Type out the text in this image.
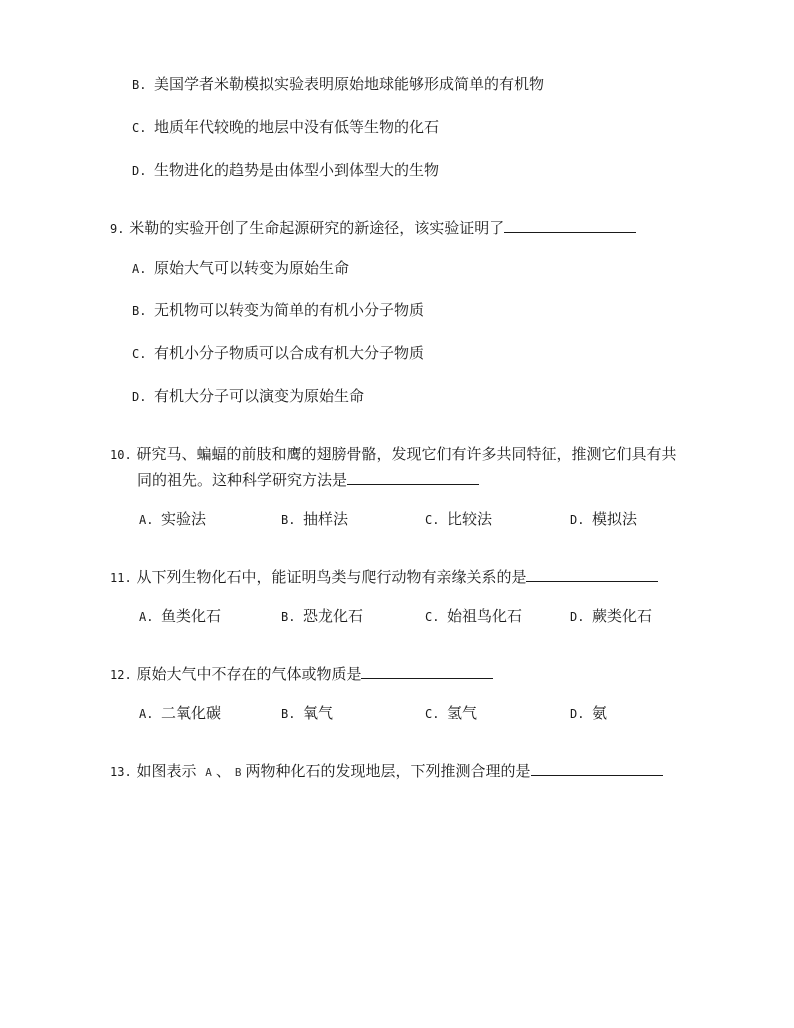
B. 美国学者米勒模拟实验表明原始地球能够形成简单的有机物
C. 地质年代较晚的地层中没有低等生物的化石
D. 生物进化的趋势是由体型小到体型大的生物
9. 米勒的实验开创了生命起源研究的新途径，该实验证明了
A. 原始大气可以转变为原始生命
B. 无机物可以转变为简单的有机小分子物质
C. 有机小分子物质可以合成有机大分子物质
D. 有机大分子可以演变为原始生命
10. 研究马、蝙蝠的前肢和鹰的翅膀骨骼，发现它们有许多共同特征，推测它们具有共
同的祖先。这种科学研究方法是
A. 实验法	B. 抽样法	C. 比较法	D. 模拟法
11. 从下列生物化石中，能证明鸟类与爬行动物有亲缘关系的是
A. 鱼类化石	B. 恐龙化石	C. 始祖鸟化石	D. 蕨类化石
12. 原始大气中不存在的气体或物质是
A. 二氧化碳	B. 氧气	C. 氢气	D. 氨
13. 如图表示 A 、 B 两物种化石的发现地层，下列推测合理的是
